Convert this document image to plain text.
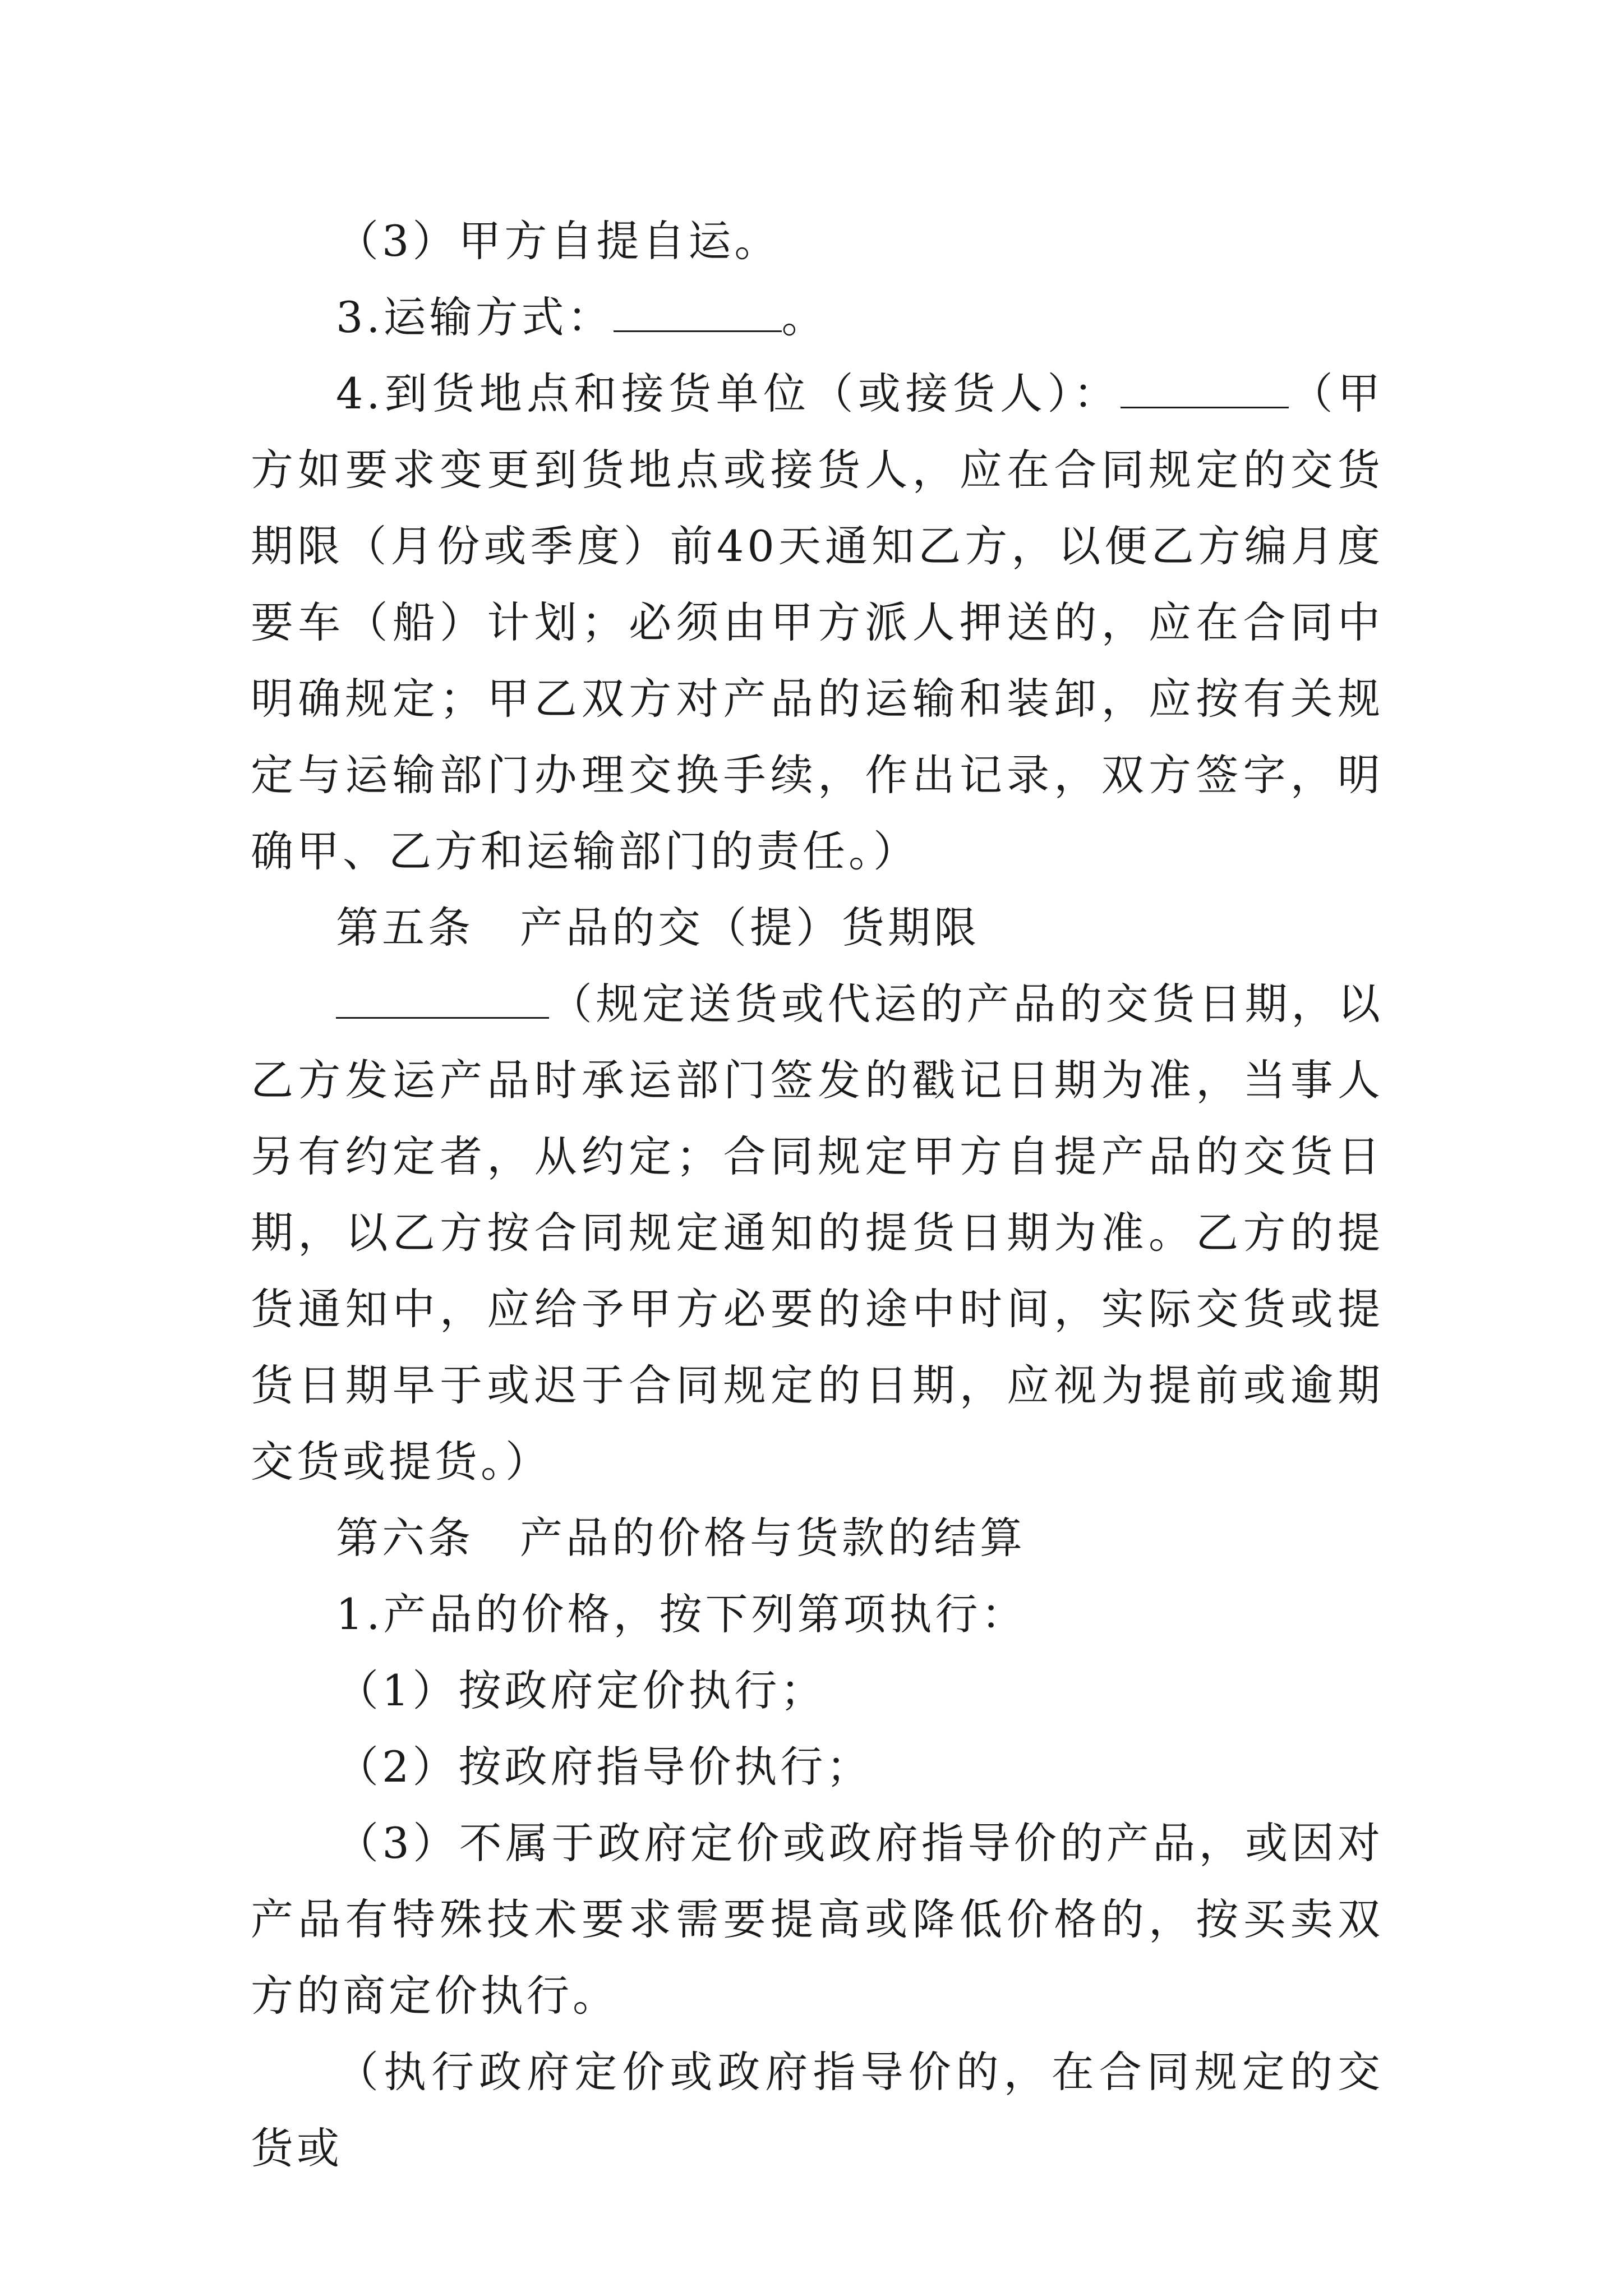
（3）甲方自提自运。

3.运输方式：	。

4.到货地点和接货单位（或接货人）：	（甲方如要求变更到货地点或接货人，应在合同规定的交货期限（月份或季度）前40天通知乙方，以便乙方编月度要车（船）计划；必须由甲方派人押送的，应在合同中明确规定；甲乙双方对产品的运输和装卸，应按有关规定与运输部门办理交换手续，作出记录，双方签字，明确甲、乙方和运输部门的责任。）

第五条　产品的交（提）货期限

（规定送货或代运的产品的交货日期，以乙方发运产品时承运部门签发的戳记日期为准，当事人另有约定者，从约定；合同规定甲方自提产品的交货日期，以乙方按合同规定通知的提货日期为准。乙方的提货通知中，应给予甲方必要的途中时间，实际交货或提货日期早于或迟于合同规定的日期，应视为提前或逾期交货或提货。）

第六条　产品的价格与货款的结算

1.产品的价格，按下列第项执行：

（1）按政府定价执行；

（2）按政府指导价执行；

（3）不属于政府定价或政府指导价的产品，或因对产品有特殊技术要求需要提高或降低价格的，按买卖双方的商定价执行。

（执行政府定价或政府指导价的，在合同规定的交货或
